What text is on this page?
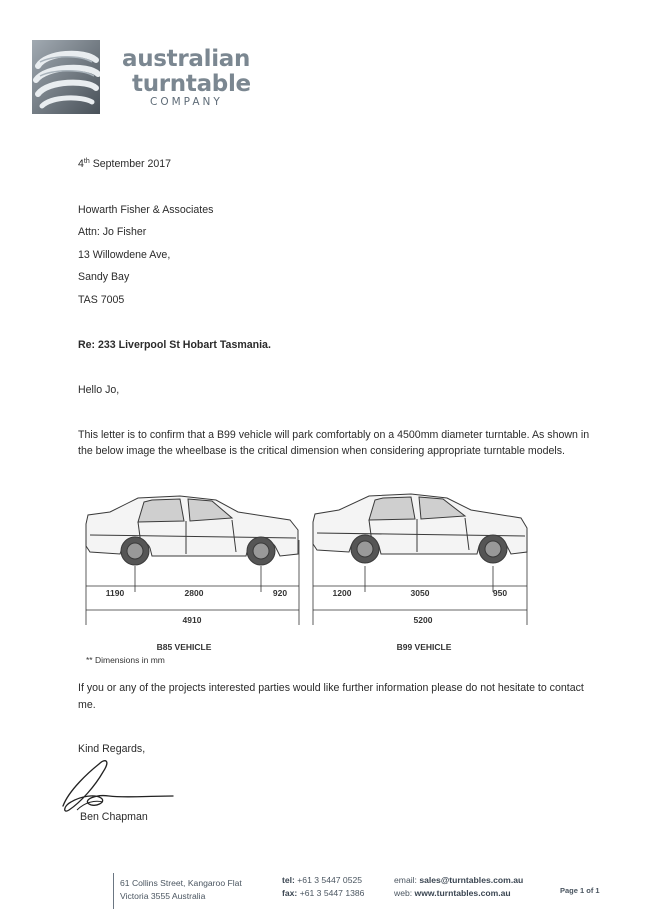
australian
turntable
COMPANY
4th September 2017
Howarth Fisher & Associates
Attn: Jo Fisher
13 Willowdene Ave,
Sandy Bay
TAS 7005
Re: 233 Liverpool St Hobart Tasmania.
Hello Jo,
This letter is to confirm that a B99 vehicle will park comfortably on a 4500mm diameter turntable. As shown in the below image the wheelbase is the critical dimension when considering appropriate turntable models.
1190	2800	920
4910
1200	3050	950
5200
B85 VEHICLE	B99 VEHICLE
** Dimensions in mm
If you or any of the projects interested parties would like further information please do not hesitate to contact me.
Kind Regards,
Ben Chapman
61 Collins Street, Kangaroo Flat
Victoria 3555 Australia
tel: +61 3 5447 0525
fax: +61 3 5447 1386
email: sales@turntables.com.au
web: www.turntables.com.au	Page 1 of 1
